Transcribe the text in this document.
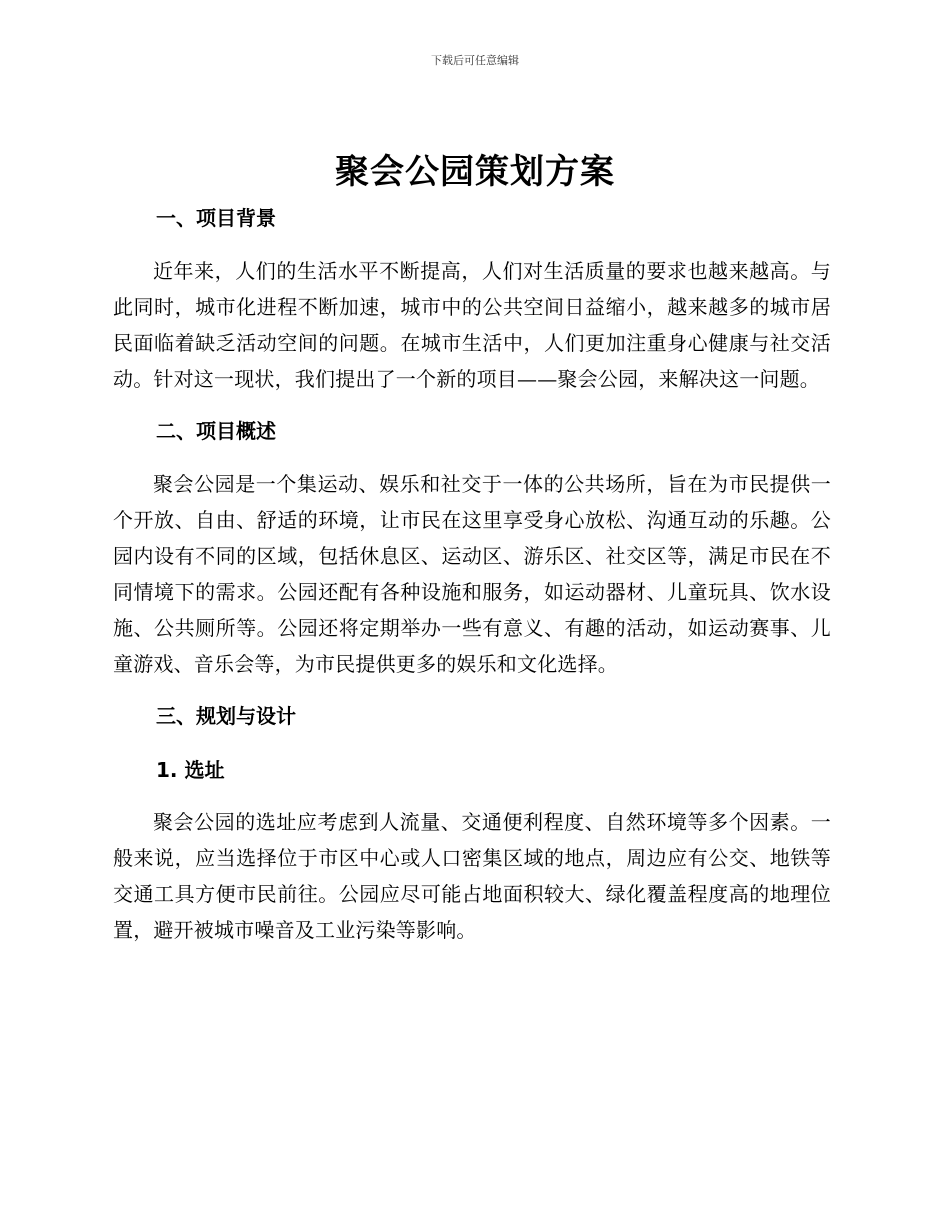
下载后可任意编辑
聚会公园策划方案
一、项目背景

近年来，人们的生活水平不断提高，人们对生活质量的要求也越来越高。与此同时，城市化进程不断加速，城市中的公共空间日益缩小，越来越多的城市居民面临着缺乏活动空间的问题。在城市生活中，人们更加注重身心健康与社交活动。针对这一现状，我们提出了一个新的项目——聚会公园，来解决这一问题。

二、项目概述

聚会公园是一个集运动、娱乐和社交于一体的公共场所，旨在为市民提供一个开放、自由、舒适的环境，让市民在这里享受身心放松、沟通互动的乐趣。公园内设有不同的区域，包括休息区、运动区、游乐区、社交区等，满足市民在不同情境下的需求。公园还配有各种设施和服务，如运动器材、儿童玩具、饮水设施、公共厕所等。公园还将定期举办一些有意义、有趣的活动，如运动赛事、儿童游戏、音乐会等，为市民提供更多的娱乐和文化选择。

三、规划与设计
1. 选址

聚会公园的选址应考虑到人流量、交通便利程度、自然环境等多个因素。一般来说，应当选择位于市区中心或人口密集区域的地点，周边应有公交、地铁等交通工具方便市民前往。公园应尽可能占地面积较大、绿化覆盖程度高的地理位置，避开被城市噪音及工业污染等影响。
